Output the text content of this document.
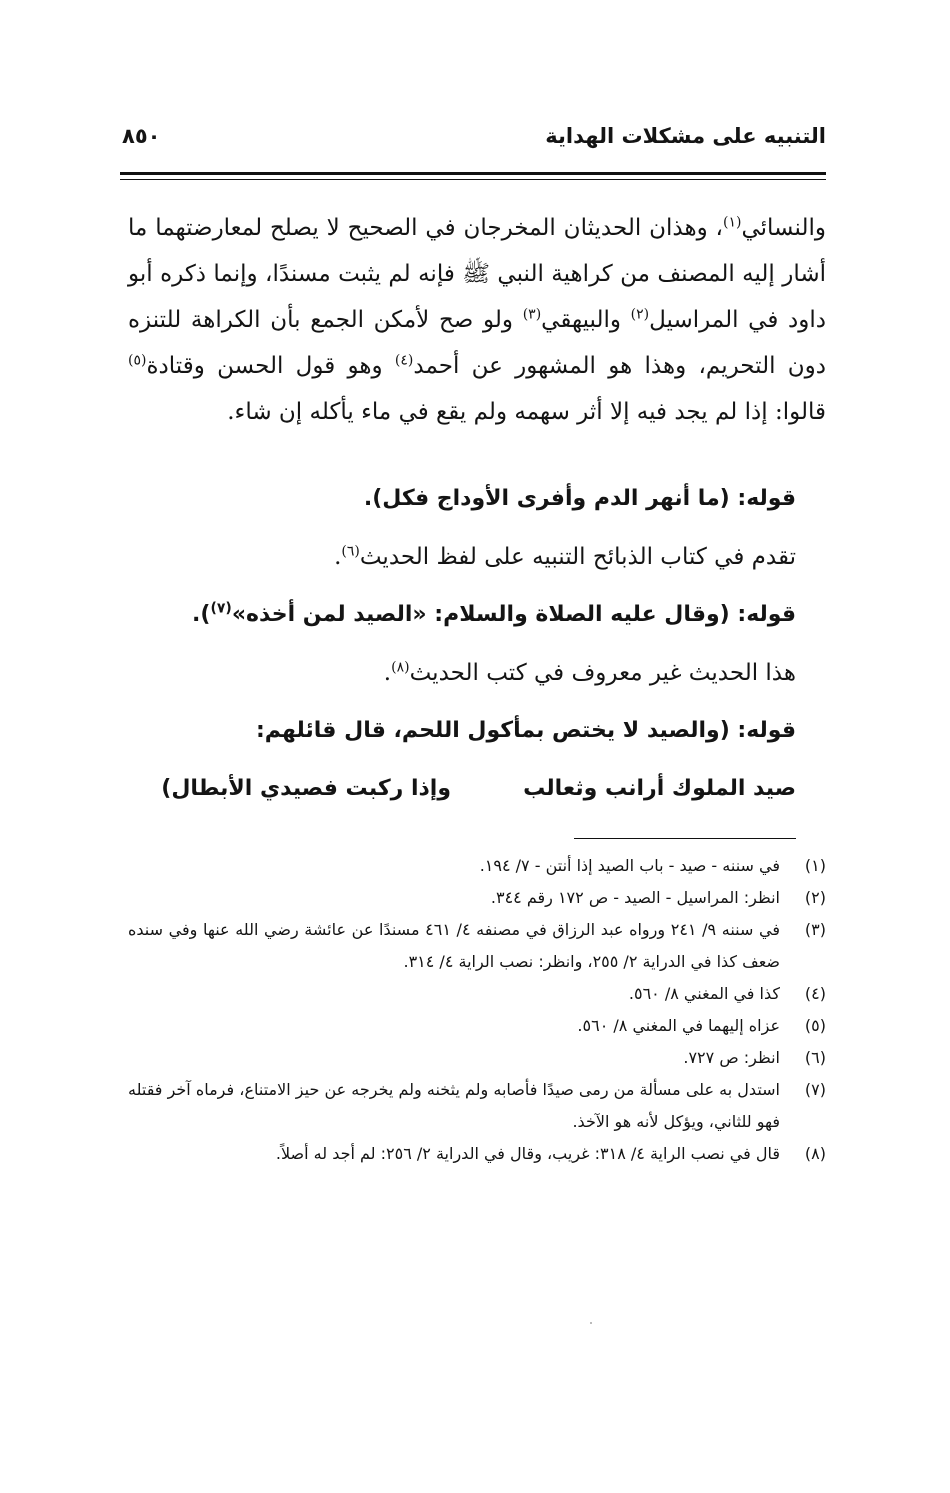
التنبيه على مشكلات الهداية
٨٥٠

والنسائي$^{(١)}$، وهذان الحديثان المخرجان في الصحيح لا يصلح لمعارضتهما ما أشار إليه المصنف من كراهية النبي ﷺ فإنه لم يثبت مسندًا، وإنما ذكره أبو داود في المراسيل$^{(٢)}$ والبيهقي$^{(٣)}$ ولو صح لأمكن الجمع بأن الكراهة للتنزه دون التحريم، وهذا هو المشهور عن أحمد$^{(٤)}$ وهو قول الحسن وقتادة$^{(٥)}$ قالوا: إذا لم يجد فيه إلا أثر سهمه ولم يقع في ماء يأكله إن شاء.

قوله: (ما أنهر الدم وأفرى الأوداج فكل).

تقدم في كتاب الذبائح التنبيه على لفظ الحديث$^{(٦)}$.

قوله: (وقال عليه الصلاة والسلام: «الصيد لمن أخذه»$^{(٧)}$).

هذا الحديث غير معروف في كتب الحديث$^{(٨)}$.

قوله: (والصيد لا يختص بمأكول اللحم، قال قائلهم:

صيد الملوك أرانب وثعالب
وإذا ركبت فصيدي الأبطال)

(١)
في سننه - صيد - باب الصيد إذا أنتن - ٧/ ١٩٤.

(٢)
انظر: المراسيل - الصيد - ص ١٧٢ رقم ٣٤٤.

(٣)
في سننه ٩/ ٢٤١ ورواه عبد الرزاق في مصنفه ٤/ ٤٦١ مسندًا عن عائشة رضي الله عنها وفي سنده ضعف كذا في الدراية ٢/ ٢٥٥، وانظر: نصب الراية ٤/ ٣١٤.

(٤)
كذا في المغني ٨/ ٥٦٠.

(٥)
عزاه إليهما في المغني ٨/ ٥٦٠.

(٦)
انظر: ص ٧٢٧.

(٧)
استدل به على مسألة من رمى صيدًا فأصابه ولم يثخنه ولم يخرجه عن حيز الامتناع، فرماه آخر فقتله فهو للثاني، ويؤكل لأنه هو الآخذ.

(٨)
قال في نصب الراية ٤/ ٣١٨: غريب، وقال في الدراية ٢/ ٢٥٦: لم أجد له أصلاً.
